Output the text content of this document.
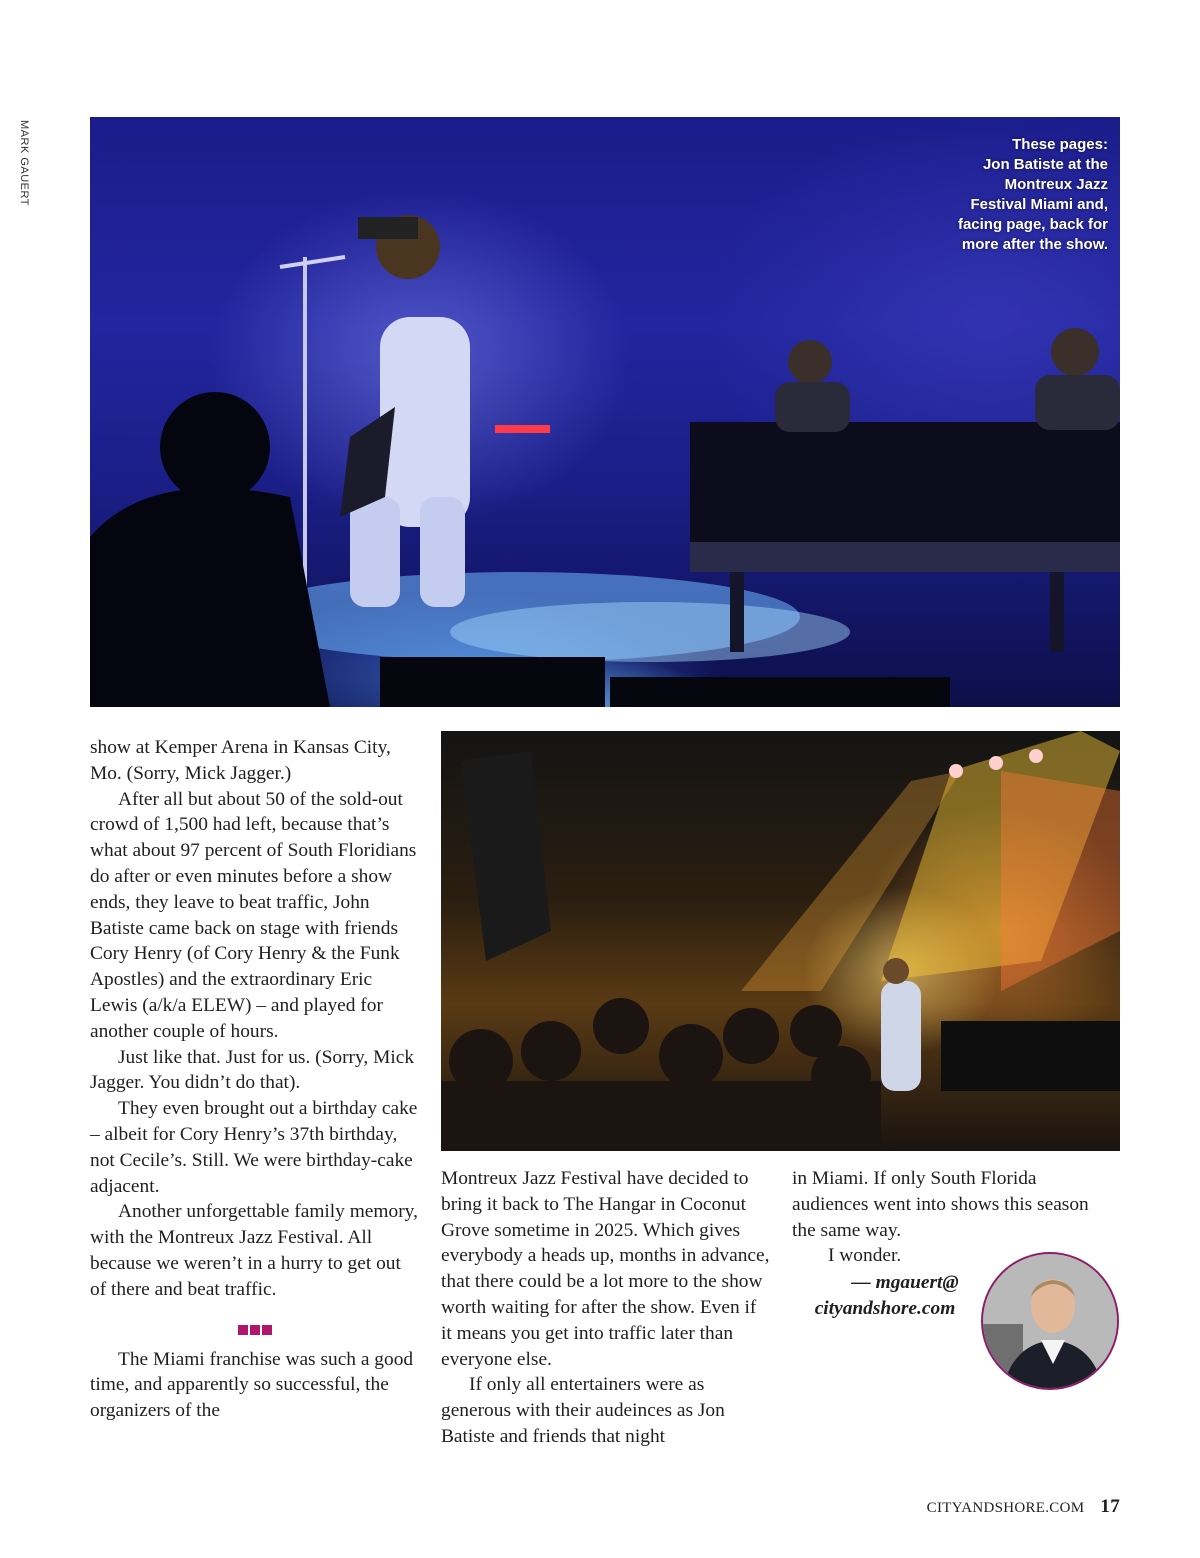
MARK GAUERT	These pages:
Jon Batiste at the
Montreux Jazz
Festival Miami and,
facing page, back for
more after the show.

show at Kemper Arena in Kansas City, Mo. (Sorry, Mick Jagger.)

After all but about 50 of the sold-out crowd of 1,500 had left, because that’s what about 97 percent of South Floridians do after or even minutes before a show ends, they leave to beat traffic, John Batiste came back on stage with friends Cory Henry (of Cory Henry & the Funk Apostles) and the extraordinary Eric Lewis (a/k/a ELEW) – and played for another couple of hours.

Just like that. Just for us. (Sorry, Mick Jagger. You didn’t do that).

They even brought out a birthday cake – albeit for Cory Henry’s 37th birthday, not Cecile’s. Still. We were birthday-cake adjacent.

Another unforgettable family memory, with the Montreux Jazz Festival. All because we weren’t in a hurry to get out of there and beat traffic.

The Miami franchise was such a good time, and apparently so successful, the organizers of the

Montreux Jazz Festival have decided to bring it back to The Hangar in Coconut Grove sometime in 2025. Which gives everybody a heads up, months in advance, that there could be a lot more to the show worth waiting for after the show. Even if it means you get into traffic later than everyone else.

If only all entertainers were as generous with their audeinces as Jon Batiste and friends that night

in Miami. If only South Florida audiences went into shows this season the same way.

I wonder.

— mgauert@
cityandshore.com
CITYANDSHORE.COM 17
